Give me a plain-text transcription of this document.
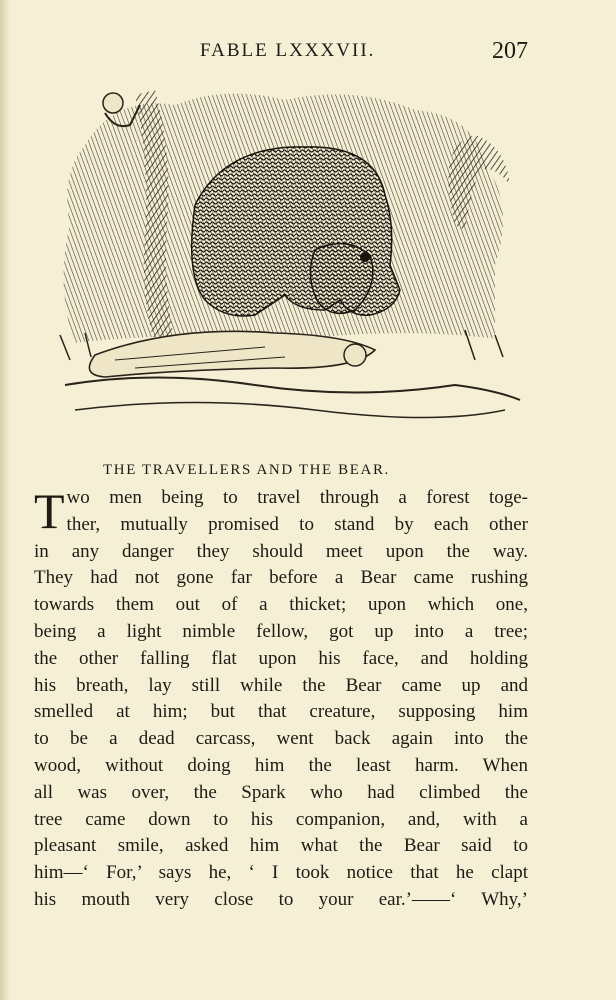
FABLE LXXXVII.	207
THE TRAVELLERS AND THE BEAR.
Two men being to travel through a forest toge-
ther, mutually promised to stand by each other
in any danger they should meet upon the way.
They had not gone far before a Bear came rushing
towards them out of a thicket; upon which one,
being a light nimble fellow, got up into a tree;
the other falling flat upon his face, and holding
his breath, lay still while the Bear came up and
smelled at him; but that creature, supposing him
to be a dead carcass, went back again into the
wood, without doing him the least harm. When
all was over, the Spark who had climbed the
tree came down to his companion, and, with a
pleasant smile, asked him what the Bear said to
him—‘ For,’ says he, ‘ I took notice that he clapt
his mouth very close to your ear.’——‘ Why,’
